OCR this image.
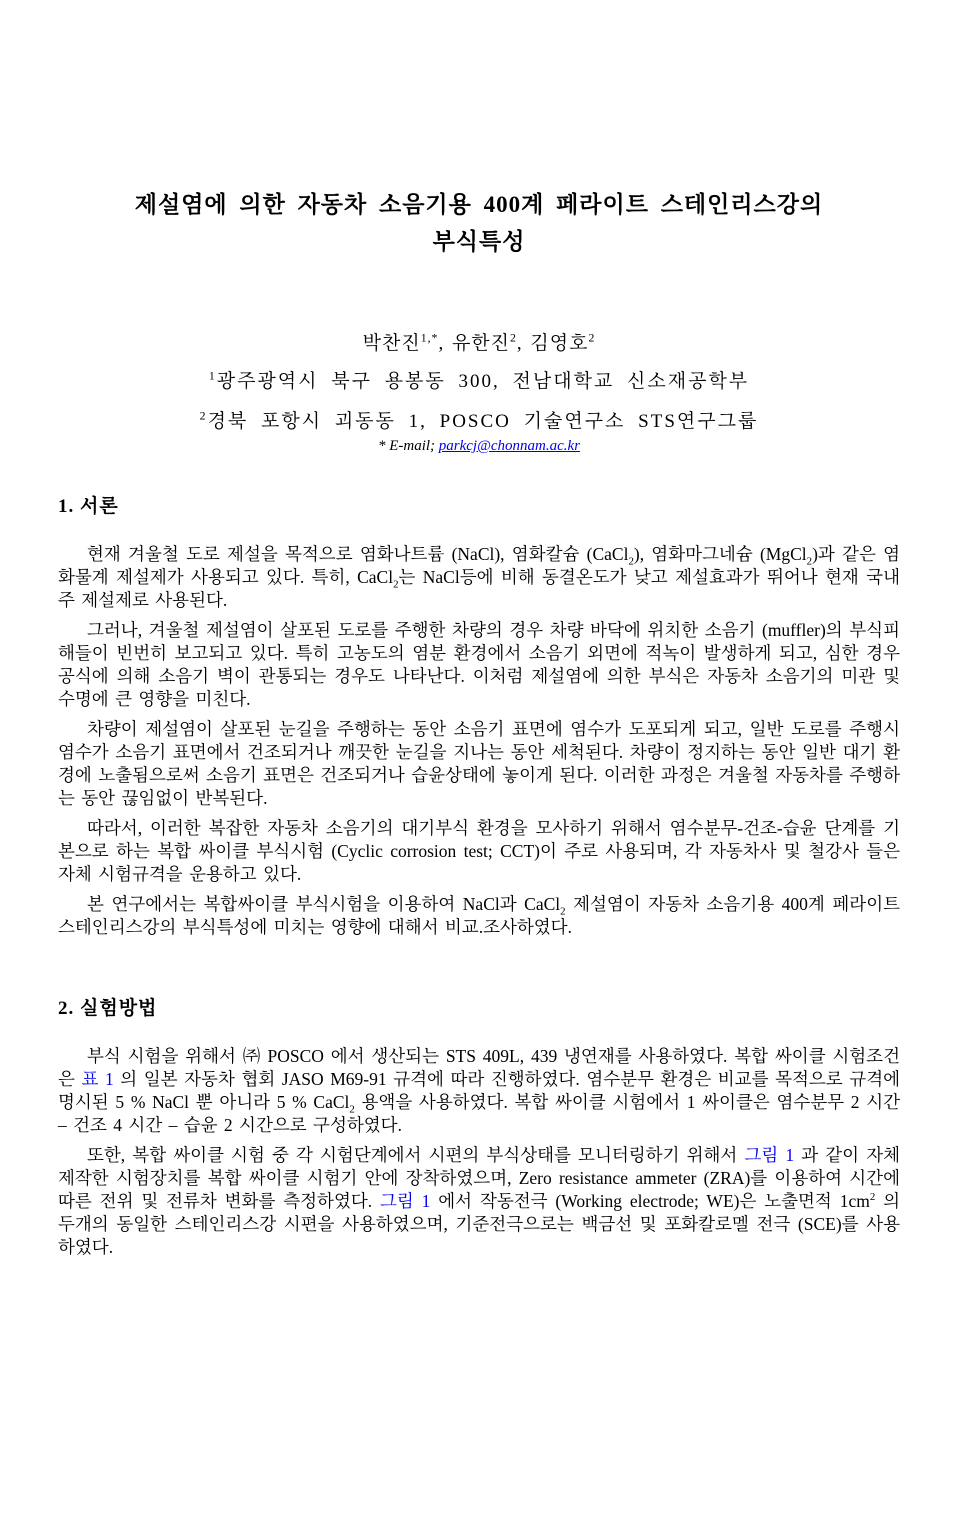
제설염에 의한 자동차 소음기용 400계 페라이트 스테인리스강의
부식특성
박찬진$^{1,*}$, 유한진$^2$, 김영호$^2$
$^1$광주광역시 북구 용봉동 300, 전남대학교 신소재공학부
$^2$경북 포항시 괴동동 1, POSCO 기술연구소 STS연구그룹
* E-mail; parkcj@chonnam.ac.kr
1. 서론

현재 겨울철 도로 제설을 목적으로 염화나트륨 (NaCl), 염화칼슘 (CaCl$_2$), 염화마그네슘 (MgCl$_2$)과 같은 염화물계 제설제가 사용되고 있다. 특히, CaCl$_2$는 NaCl등에 비해 동결온도가 낮고 제설효과가 뛰어나 현재 국내 주 제설제로 사용된다.

그러나, 겨울철 제설염이 살포된 도로를 주행한 차량의 경우 차량 바닥에 위치한 소음기 (muffler)의 부식피해들이 빈번히 보고되고 있다. 특히 고농도의 염분 환경에서 소음기 외면에 적녹이 발생하게 되고, 심한 경우 공식에 의해 소음기 벽이 관통되는 경우도 나타난다. 이처럼 제설염에 의한 부식은 자동차 소음기의 미관 및 수명에 큰 영향을 미친다.

차량이 제설염이 살포된 눈길을 주행하는 동안 소음기 표면에 염수가 도포되게 되고, 일반 도로를 주행시 염수가 소음기 표면에서 건조되거나 깨끗한 눈길을 지나는 동안 세척된다. 차량이 정지하는 동안 일반 대기 환경에 노출됨으로써 소음기 표면은 건조되거나 습윤상태에 놓이게 된다. 이러한 과정은 겨울철 자동차를 주행하는 동안 끊임없이 반복된다.

따라서, 이러한 복잡한 자동차 소음기의 대기부식 환경을 모사하기 위해서 염수분무-건조-습윤 단계를 기본으로 하는 복합 싸이클 부식시험 (Cyclic corrosion test; CCT)이 주로 사용되며, 각 자동차사 및 철강사 들은 자체 시험규격을 운용하고 있다.

본 연구에서는 복합싸이클 부식시험을 이용하여 NaCl과 CaCl$_2$ 제설염이 자동차 소음기용 400계 페라이트 스테인리스강의 부식특성에 미치는 영향에 대해서 비교.조사하였다.

2. 실험방법

부식 시험을 위해서 ㈜ POSCO 에서 생산되는 STS 409L, 439 냉연재를 사용하였다. 복합 싸이클 시험조건은 표 1 의 일본 자동차 협회 JASO M69-91 규격에 따라 진행하였다. 염수분무 환경은 비교를 목적으로 규격에 명시된 5 % NaCl 뿐 아니라 5 % CaCl$_2$ 용액을 사용하였다. 복합 싸이클 시험에서 1 싸이클은 염수분무 2 시간 – 건조 4 시간 – 습윤 2 시간으로 구성하였다.

또한, 복합 싸이클 시험 중 각 시험단계에서 시편의 부식상태를 모니터링하기 위해서 그림 1 과 같이 자체 제작한 시험장치를 복합 싸이클 시험기 안에 장착하였으며, Zero resistance ammeter (ZRA)를 이용하여 시간에 따른 전위 및 전류차 변화를 측정하였다. 그림 1 에서 작동전극 (Working electrode; WE)은 노출면적 $1cm^2$ 의 두개의 동일한 스테인리스강 시편을 사용하였으며, 기준전극으로는 백금선 및 포화칼로멜 전극 (SCE)를 사용하였다.
